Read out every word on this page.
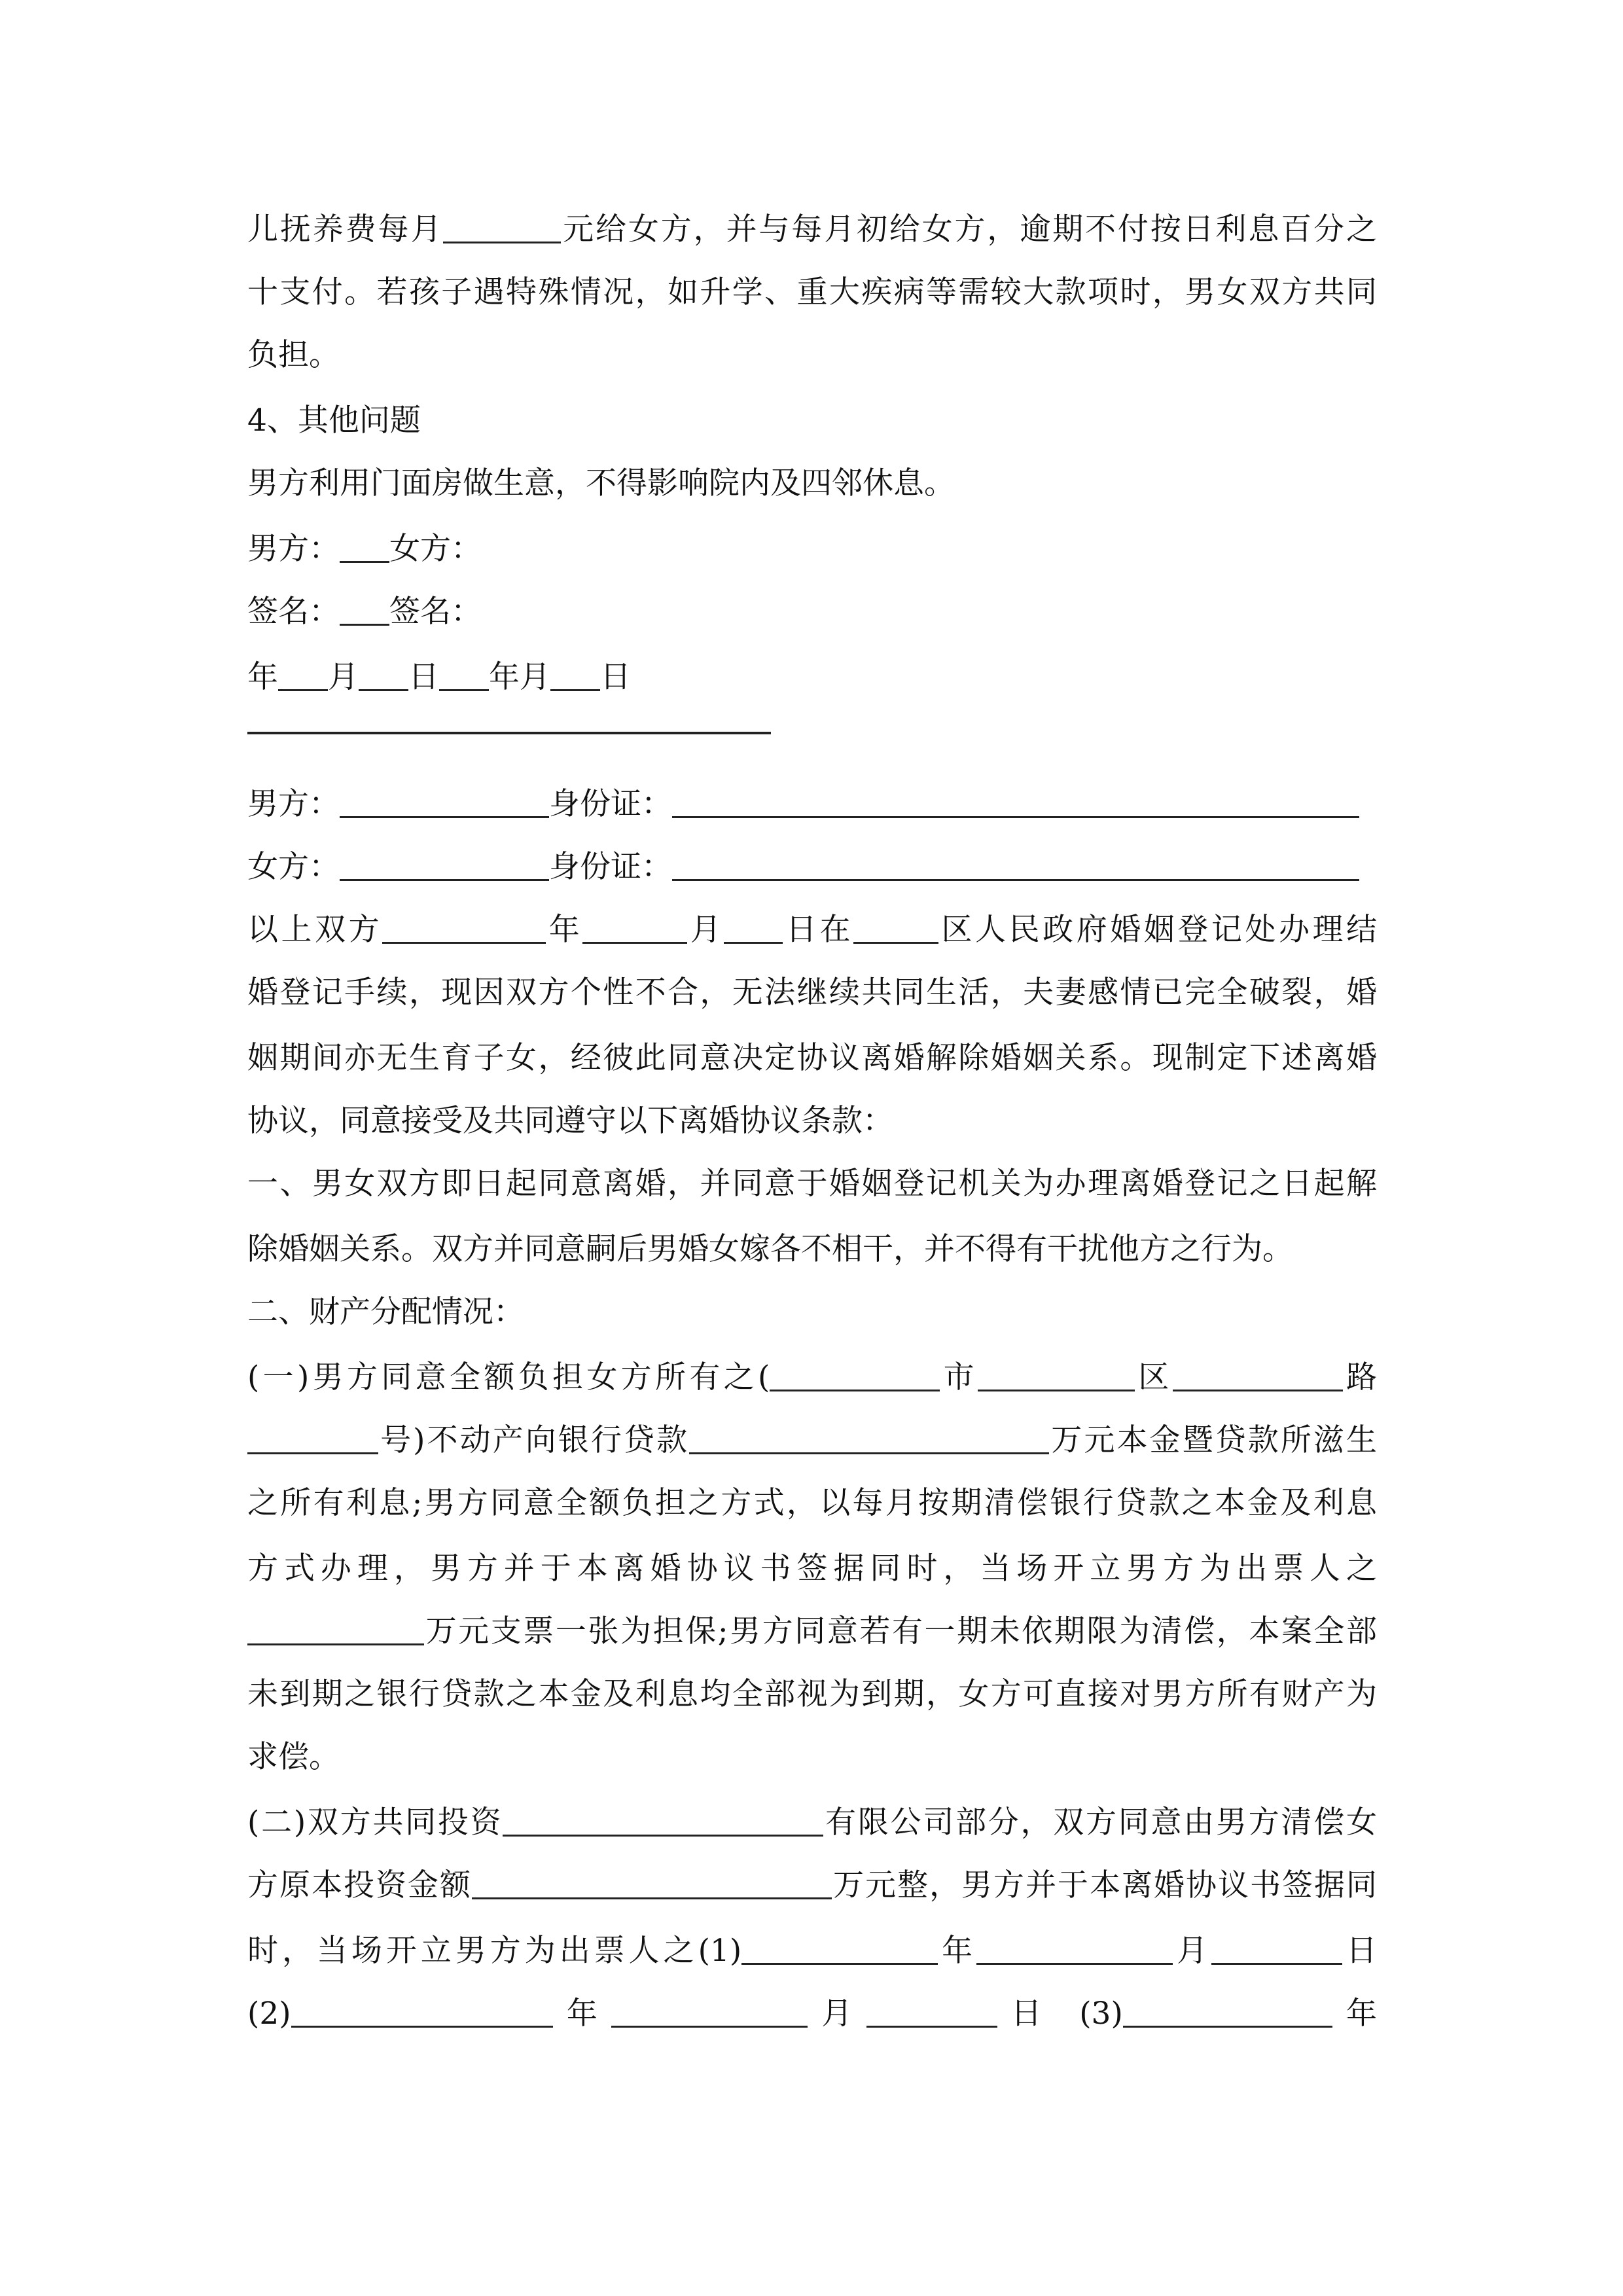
儿抚养费每月	元给女方，并与每月初给女方，逾期不付按日利息百分之
十支付。若孩子遇特殊情况，如升学、重大疾病等需较大款项时，男女双方共同
负担。
4、其他问题
男方利用门面房做生意，不得影响院内及四邻休息。
男方： 女方：
签名： 签名：
年 月 日 年月 日
男方：	身份证：
女方：	身份证：
以上双方	年	月 日在	区人民政府婚姻登记处办理结
婚登记手续，现因双方个性不合，无法继续共同生活，夫妻感情已完全破裂，婚
姻期间亦无生育子女，经彼此同意决定协议离婚解除婚姻关系。现制定下述离婚
协议，同意接受及共同遵守以下离婚协议条款：
一、男女双方即日起同意离婚，并同意于婚姻登记机关为办理离婚登记之日起解
除婚姻关系。双方并同意嗣后男婚女嫁各不相干，并不得有干扰他方之行为。
二、财产分配情况：
(一)男方同意全额负担女方所有之(	市	区	路
号)不动产向银行贷款	万元本金暨贷款所滋生
之所有利息;男方同意全额负担之方式，以每月按期清偿银行贷款之本金及利息
方式办理，男方并于本离婚协议书签据同时，当场开立男方为出票人之
万元支票一张为担保;男方同意若有一期未依期限为清偿，本案全部
未到期之银行贷款之本金及利息均全部视为到期，女方可直接对男方所有财产为
求偿。
(二)双方共同投资	有限公司部分，双方同意由男方清偿女
方原本投资金额	万元整，男方并于本离婚协议书签据同
时，当场开立男方为出票人之(1)	年	月	日
(2)	年	月	日 (3)	年
